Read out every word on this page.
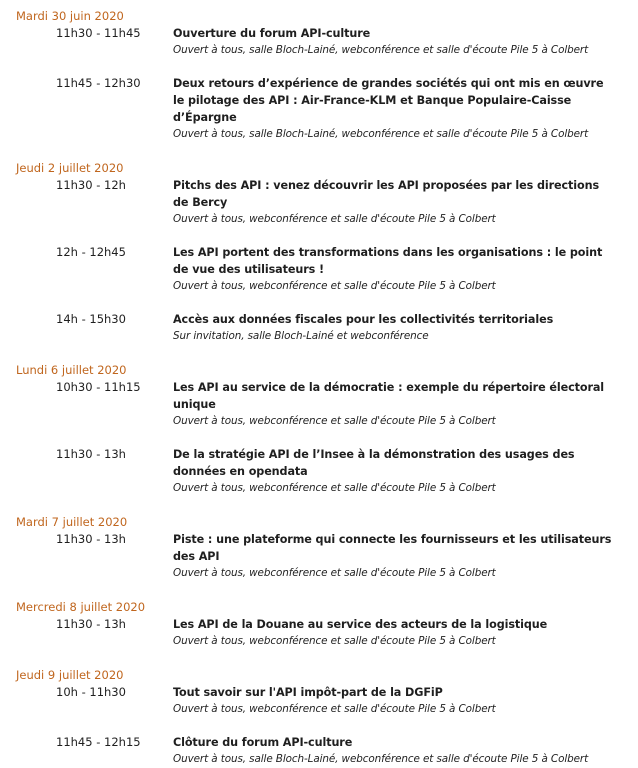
Mardi 30 juin 2020
11h30 - 11h45	Ouverture du forum API-culture
Ouvert à tous, salle Bloch-Lainé, webconférence et salle d'écoute Pile 5 à Colbert
11h45 - 12h30	Deux retours d’expérience de grandes sociétés qui ont mis en œuvre le pilotage des API : Air-France-KLM et Banque Populaire-Caisse d’Épargne
Ouvert à tous, salle Bloch-Lainé, webconférence et salle d'écoute Pile 5 à Colbert
Jeudi 2 juillet 2020
11h30 - 12h	Pitchs des API : venez découvrir les API proposées par les directions de Bercy
Ouvert à tous, webconférence et salle d'écoute Pile 5 à Colbert
12h - 12h45	Les API portent des transformations dans les organisations : le point de vue des utilisateurs !
Ouvert à tous, webconférence et salle d'écoute Pile 5 à Colbert
14h - 15h30	Accès aux données fiscales pour les collectivités territoriales
Sur invitation, salle Bloch-Lainé et webconférence
Lundi 6 juillet 2020
10h30 - 11h15	Les API au service de la démocratie : exemple du répertoire électoral unique
Ouvert à tous, webconférence et salle d'écoute Pile 5 à Colbert
11h30 - 13h	De la stratégie API de l’Insee à la démonstration des usages des données en opendata
Ouvert à tous, webconférence et salle d'écoute Pile 5 à Colbert
Mardi 7 juillet 2020
11h30 - 13h	Piste : une plateforme qui connecte les fournisseurs et les utilisateurs des API
Ouvert à tous, webconférence et salle d'écoute Pile 5 à Colbert
Mercredi 8 juillet 2020
11h30 - 13h	Les API de la Douane au service des acteurs de la logistique
Ouvert à tous, webconférence et salle d'écoute Pile 5 à Colbert
Jeudi 9 juillet 2020
10h - 11h30	Tout savoir sur l'API impôt-part de la DGFiP
Ouvert à tous, webconférence et salle d'écoute Pile 5 à Colbert
11h45 - 12h15	Clôture du forum API-culture
Ouvert à tous, salle Bloch-Lainé, webconférence et salle d'écoute Pile 5 à Colbert
